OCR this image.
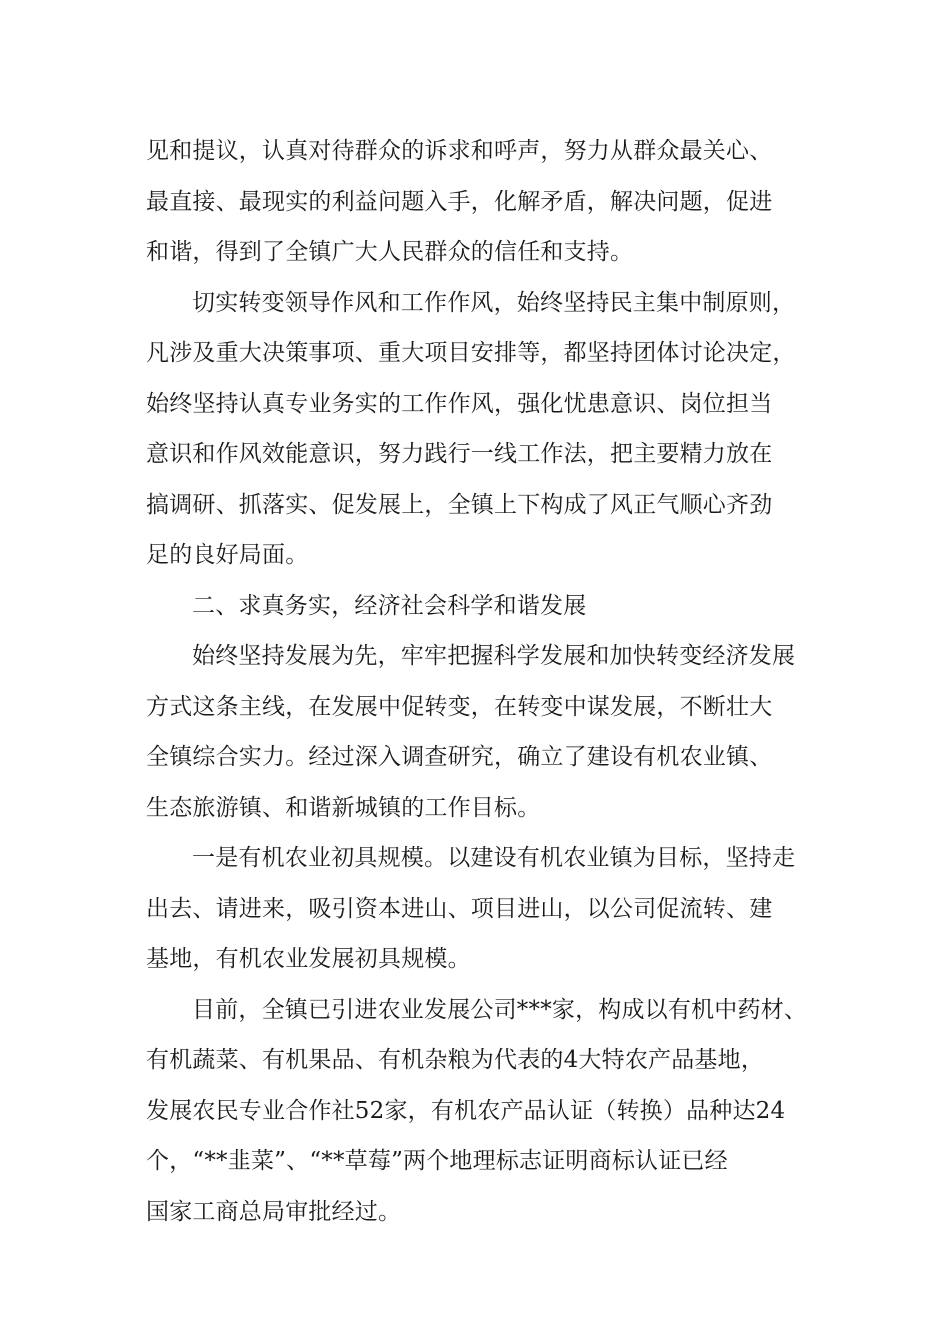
见和提议，认真对待群众的诉求和呼声，努力从群众最关心、
最直接、最现实的利益问题入手，化解矛盾，解决问题，促进
和谐，得到了全镇广大人民群众的信任和支持。
切实转变领导作风和工作作风，始终坚持民主集中制原则，
凡涉及重大决策事项、重大项目安排等，都坚持团体讨论决定，
始终坚持认真专业务实的工作作风，强化忧患意识、岗位担当
意识和作风效能意识，努力践行一线工作法，把主要精力放在
搞调研、抓落实、促发展上，全镇上下构成了风正气顺心齐劲
足的良好局面。
二、求真务实，经济社会科学和谐发展
始终坚持发展为先，牢牢把握科学发展和加快转变经济发展
方式这条主线，在发展中促转变，在转变中谋发展，不断壮大
全镇综合实力。经过深入调查研究，确立了建设有机农业镇、
生态旅游镇、和谐新城镇的工作目标。
一是有机农业初具规模。以建设有机农业镇为目标，坚持走
出去、请进来，吸引资本进山、项目进山，以公司促流转、建
基地，有机农业发展初具规模。
目前，全镇已引进农业发展公司***家，构成以有机中药材、
有机蔬菜、有机果品、有机杂粮为代表的4大特农产品基地，
发展农民专业合作社52家，有机农产品认证（转换）品种达24
个，“**韭菜”、“**草莓”两个地理标志证明商标认证已经
国家工商总局审批经过。
